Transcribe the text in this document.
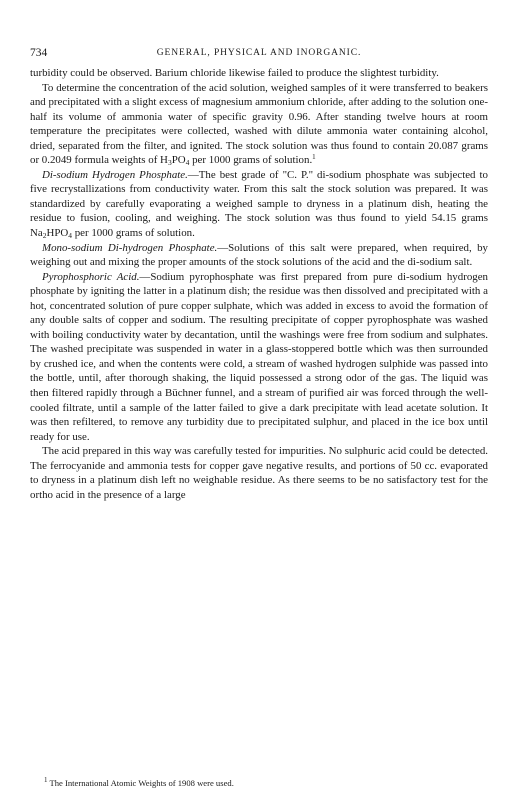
734	GENERAL, PHYSICAL AND INORGANIC.

turbidity could be observed. Barium chloride likewise failed to produce the slightest turbidity.

To determine the concentration of the acid solution, weighed samples of it were transferred to beakers and precipitated with a slight excess of magnesium ammonium chloride, after adding to the solution one-half its volume of ammonia water of specific gravity 0.96. After standing twelve hours at room temperature the precipitates were collected, washed with dilute ammonia water containing alcohol, dried, separated from the filter, and ignited. The stock solution was thus found to contain 20.087 grams or 0.2049 formula weights of $H_3PO_4$ per 1000 grams of solution.$^1$

Di-sodium Hydrogen Phosphate.—The best grade of "C. P." di-sodium phosphate was subjected to five recrystallizations from conductivity water. From this salt the stock solution was prepared. It was standardized by carefully evaporating a weighed sample to dryness in a platinum dish, heating the residue to fusion, cooling, and weighing. The stock solution was thus found to yield 54.15 grams $Na_2HPO_4$ per 1000 grams of solution.

Mono-sodium Di-hydrogen Phosphate.—Solutions of this salt were prepared, when required, by weighing out and mixing the proper amounts of the stock solutions of the acid and the di-sodium salt.

Pyrophosphoric Acid.—Sodium pyrophosphate was first prepared from pure di-sodium hydrogen phosphate by igniting the latter in a platinum dish; the residue was then dissolved and precipitated with a hot, concentrated solution of pure copper sulphate, which was added in excess to avoid the formation of any double salts of copper and sodium. The resulting precipitate of copper pyrophosphate was washed with boiling conductivity water by decantation, until the washings were free from sodium and sulphates. The washed precipitate was suspended in water in a glass-stoppered bottle which was then surrounded by crushed ice, and when the contents were cold, a stream of washed hydrogen sulphide was passed into the bottle, until, after thorough shaking, the liquid possessed a strong odor of the gas. The liquid was then filtered rapidly through a Büchner funnel, and a stream of purified air was forced through the well-cooled filtrate, until a sample of the latter failed to give a dark precipitate with lead acetate solution. It was then refiltered, to remove any turbidity due to precipitated sulphur, and placed in the ice box until ready for use.

The acid prepared in this way was carefully tested for impurities. No sulphuric acid could be detected. The ferrocyanide and ammonia tests for copper gave negative results, and portions of 50 cc. evaporated to dryness in a platinum dish left no weighable residue. As there seems to be no satisfactory test for the ortho acid in the presence of a large

$^1$ The International Atomic Weights of 1908 were used.
